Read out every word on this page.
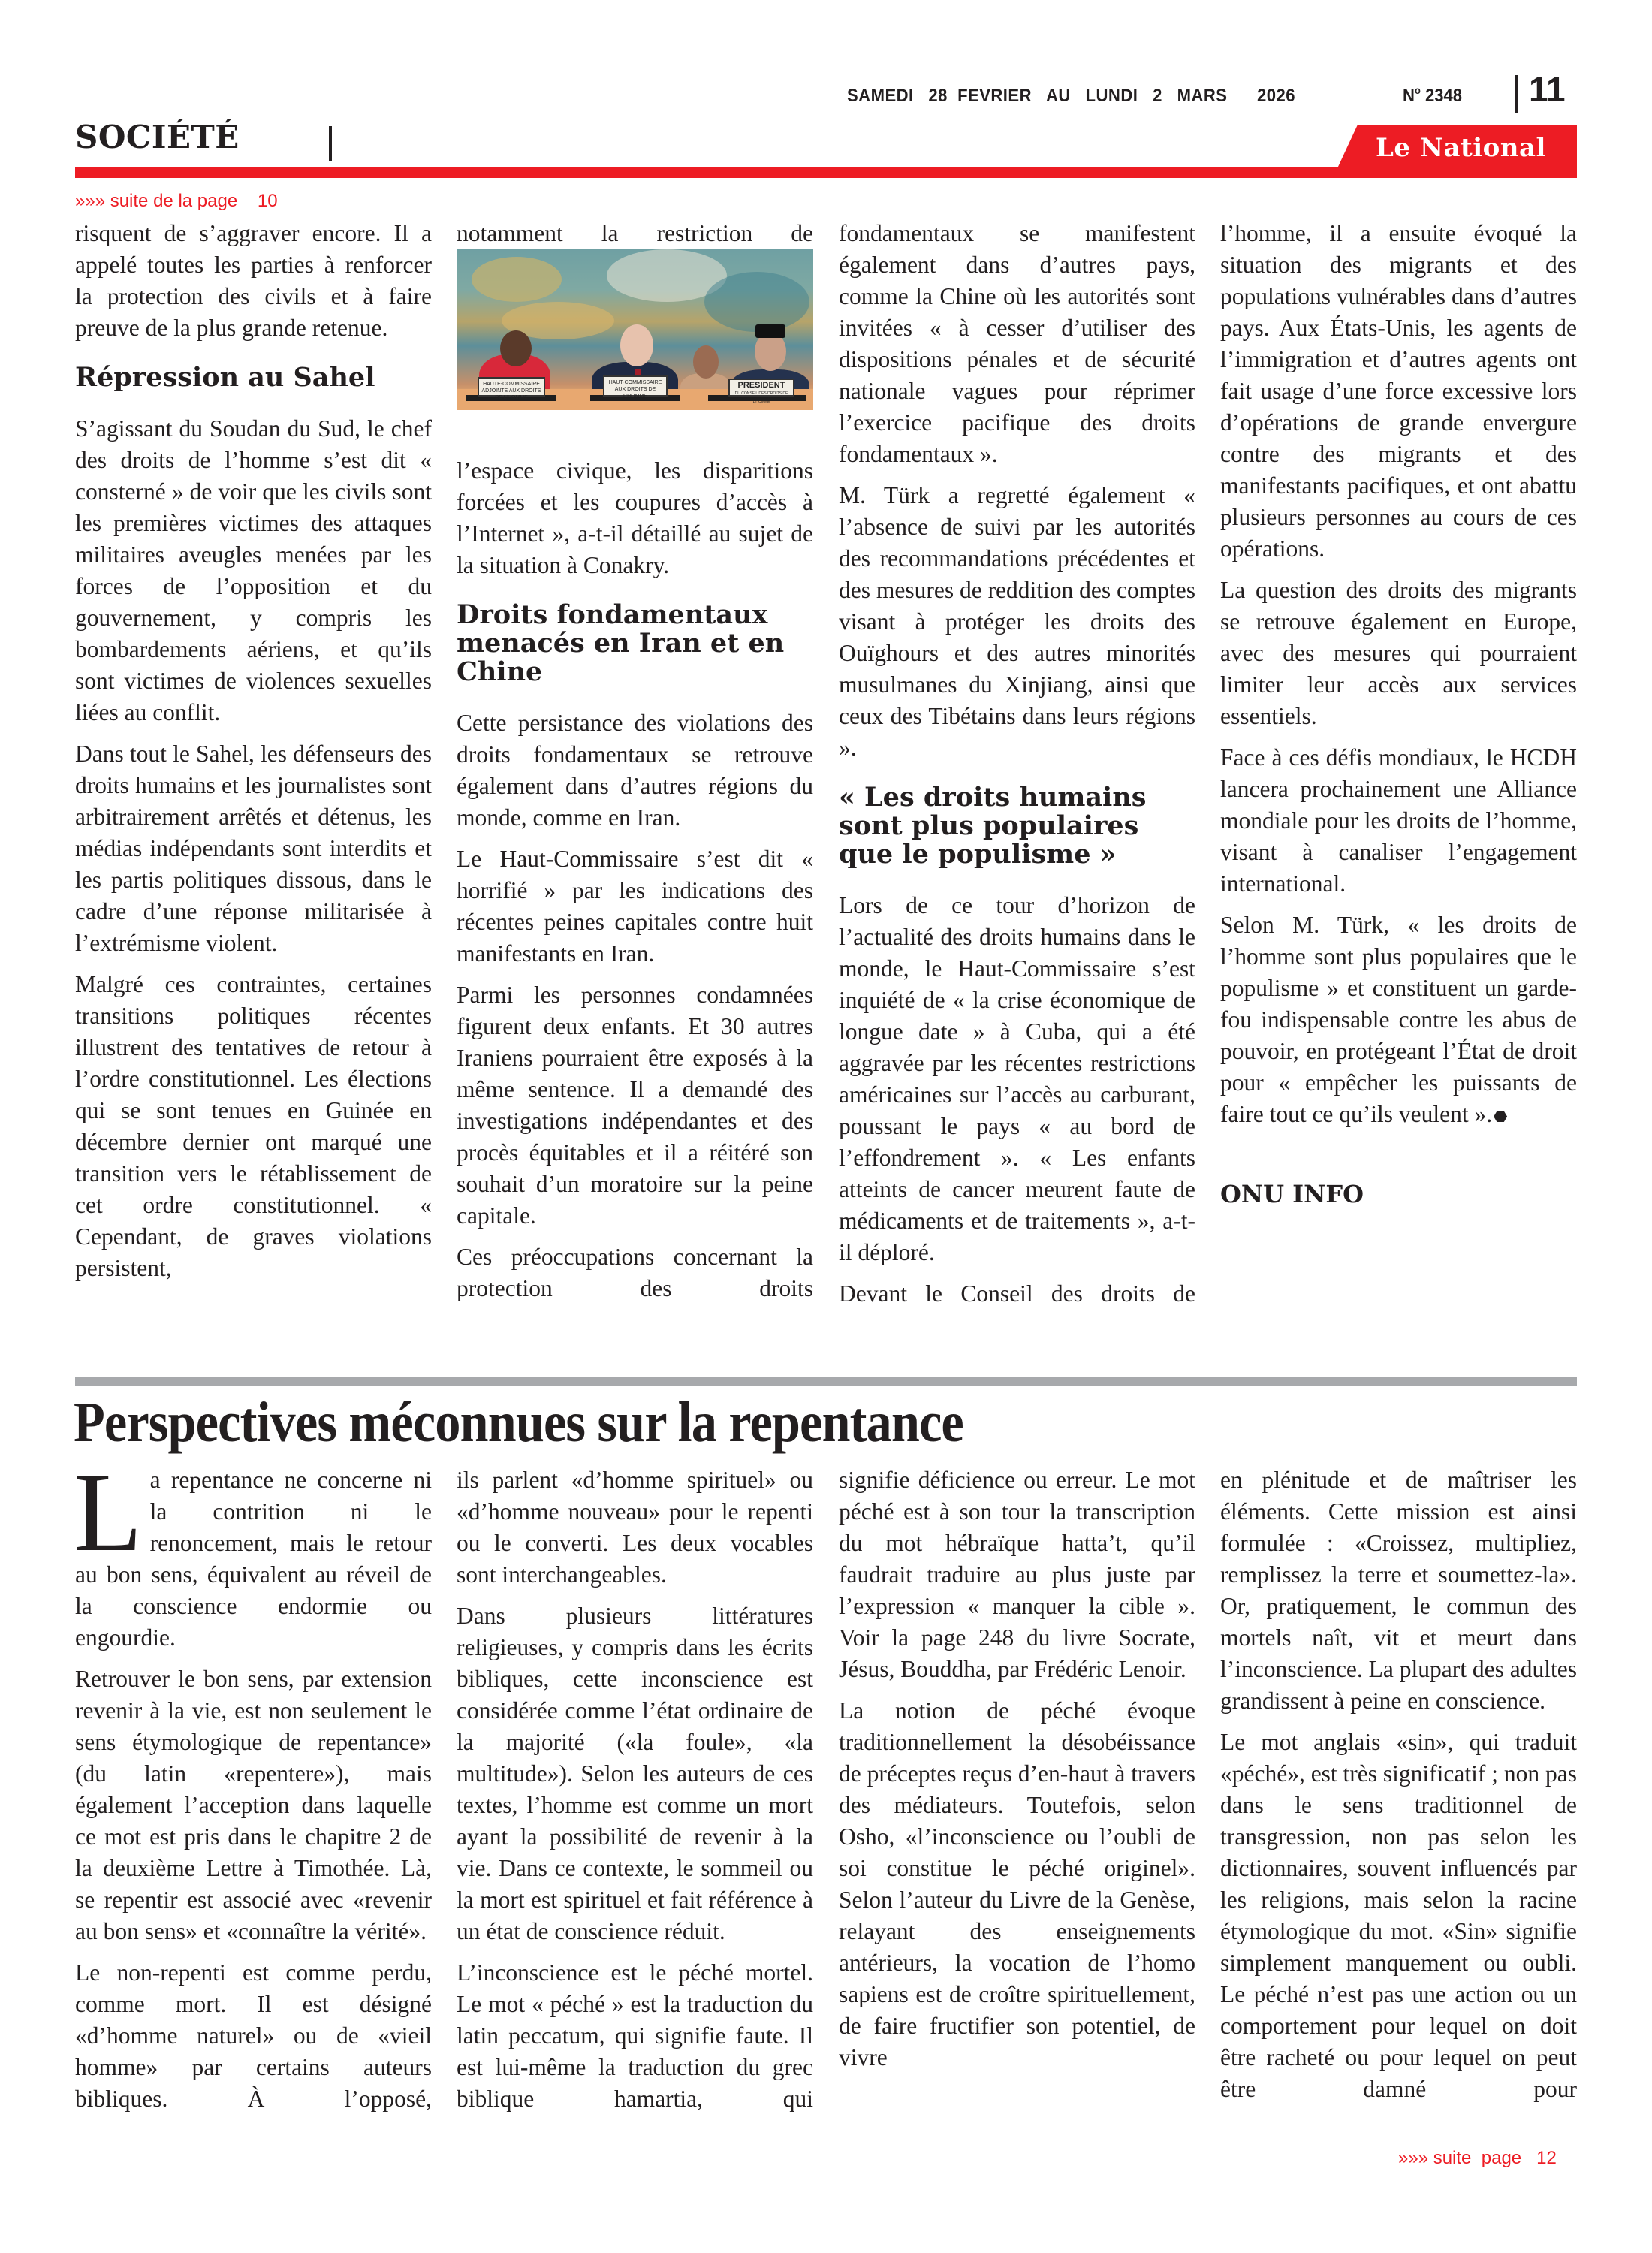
SAMEDI   28  FEVRIER   AU   LUNDI   2   MARS      2026	$N^o$ 2348 11
SOCIÉTÉ	Le National
»»» suite de la page    10

risquent de s’aggraver encore. Il a appelé toutes les parties à renforcer la protection des civils et à faire preuve de la plus grande retenue.

Répression au Sahel

S’agissant du Soudan du Sud, le chef des droits de l’homme s’est dit « consterné » de voir que les civils sont les premières victimes des attaques militaires aveugles menées par les forces de l’opposition et du gouvernement, y compris les bombardements aériens, et qu’ils sont victimes de violences sexuelles liées au conflit.

Dans tout le Sahel, les défenseurs des droits humains et les journalistes sont arbitrairement arrêtés et détenus, les médias indépendants sont interdits et les partis politiques dissous, dans le cadre d’une réponse militarisée à l’extrémisme violent.

Malgré ces contraintes, certaines transitions politiques récentes illustrent des tentatives de retour à l’ordre constitutionnel. Les élections qui se sont tenues en Guinée en décembre dernier ont marqué une transition vers le rétablissement de cet ordre constitutionnel. « Cependant, de graves violations persistent,

notamment la restriction de

HAUTE-COMMISSAIRE ADJOINTE AUX DROITS DE L’HOMME
HAUT-COMMISSAIRE AUX DROITS DE L’HOMME
PRESIDENT
DU CONSEIL DES DROITS DE L’HOMME

l’espace civique, les disparitions forcées et les coupures d’accès à l’Internet », a-t-il détaillé au sujet de la situation à Conakry.

Droits fondamentaux menacés en Iran et en Chine

Cette persistance des violations des droits fondamentaux se retrouve également dans d’autres régions du monde, comme en Iran.

Le Haut-Commissaire s’est dit « horrifié » par les indications des récentes peines capitales contre huit manifestants en Iran.

Parmi les personnes condamnées figurent deux enfants. Et 30 autres Iraniens pourraient être exposés à la même sentence. Il a demandé des investigations indépendantes et des procès équitables et il a réitéré son souhait d’un moratoire sur la peine capitale.

Ces préoccupations concernant la protection des droits

fondamentaux se manifestent également dans d’autres pays, comme la Chine où les autorités sont invitées « à cesser d’utiliser des dispositions pénales et de sécurité nationale vagues pour réprimer l’exercice pacifique des droits fondamentaux ».

M. Türk a regretté également « l’absence de suivi par les autorités des recommandations précédentes et des mesures de reddition des comptes visant à protéger les droits des Ouïghours et des autres minorités musulmanes du Xinjiang, ainsi que ceux des Tibétains dans leurs régions ».

« Les droits humains sont plus populaires que le populisme »

Lors de ce tour d’horizon de l’actualité des droits humains dans le monde, le Haut-Commissaire s’est inquiété de « la crise économique de longue date » à Cuba, qui a été aggravée par les récentes restrictions américaines sur l’accès au carburant, poussant le pays « au bord de l’effondrement ». « Les enfants atteints de cancer meurent faute de médicaments et de traitements », a-t-il déploré.

Devant le Conseil des droits de

l’homme, il a ensuite évoqué la situation des migrants et des populations vulnérables dans d’autres pays. Aux États-Unis, les agents de l’immigration et d’autres agents ont fait usage d’une force excessive lors d’opérations de grande envergure contre des migrants et des manifestants pacifiques, et ont abattu plusieurs personnes au cours de ces opérations.

La question des droits des migrants se retrouve également en Europe, avec des mesures qui pourraient limiter leur accès aux services essentiels.

Face à ces défis mondiaux, le HCDH lancera prochainement une Alliance mondiale pour les droits de l’homme, visant à canaliser l’engagement international.

Selon M. Türk, « les droits de l’homme sont plus populaires que le populisme » et constituent un garde-fou indispensable contre les abus de pouvoir, en protégeant l’État de droit pour « empêcher les puissants de faire tout ce qu’ils veulent ».

ONU INFO
Perspectives méconnues sur la repentance

La repentance ne concerne ni la contrition ni le renoncement, mais le retour au bon sens, équivalent au réveil de la conscience endormie ou engourdie.

Retrouver le bon sens, par extension revenir à la vie, est non seulement le sens étymologique de repentance» (du latin «repentere»), mais également l’acception dans laquelle ce mot est pris dans le chapitre 2 de la deuxième Lettre à Timothée. Là, se repentir est associé avec «revenir au bon sens» et «connaître la vérité».

Le non-repenti est comme perdu, comme mort. Il est désigné «d’homme naturel» ou de «vieil homme» par certains auteurs bibliques. À l’opposé,

ils parlent «d’homme spirituel» ou «d’homme nouveau» pour le repenti ou le converti. Les deux vocables sont interchangeables.

Dans plusieurs littératures religieuses, y compris dans les écrits bibliques, cette inconscience est considérée comme l’état ordinaire de la majorité («la foule», «la multitude»). Selon les auteurs de ces textes, l’homme est comme un mort ayant la possibilité de revenir à la vie. Dans ce contexte, le sommeil ou la mort est spirituel et fait référence à un état de conscience réduit.

L’inconscience est le péché mortel. Le mot « péché » est la traduction du latin peccatum, qui signifie faute. Il est lui-même la traduction du grec biblique hamartia, qui

signifie déficience ou erreur. Le mot péché est à son tour la transcription du mot hébraïque hatta’t, qu’il faudrait traduire au plus juste par l’expression « manquer la cible ». Voir la page 248 du livre Socrate, Jésus, Bouddha, par Frédéric Lenoir.

La notion de péché évoque traditionnellement la désobéissance de préceptes reçus d’en-haut à travers des médiateurs. Toutefois, selon Osho, «l’inconscience ou l’oubli de soi constitue le péché originel». Selon l’auteur du Livre de la Genèse, relayant des enseignements antérieurs, la vocation de l’homo sapiens est de croître spirituellement, de faire fructifier son potentiel, de vivre

en plénitude et de maîtriser les éléments. Cette mission est ainsi formulée : «Croissez, multipliez, remplissez la terre et soumettez-la». Or, pratiquement, le commun des mortels naît, vit et meurt dans l’inconscience. La plupart des adultes grandissent à peine en conscience.

Le mot anglais «sin», qui traduit «péché», est très significatif ; non pas dans le sens traditionnel de transgression, non pas selon les dictionnaires, souvent influencés par les religions, mais selon la racine étymologique du mot. «Sin» signifie simplement manquement ou oubli. Le péché n’est pas une action ou un comportement pour lequel on doit être racheté ou pour lequel on peut être damné pour

»»» suite  page   12
